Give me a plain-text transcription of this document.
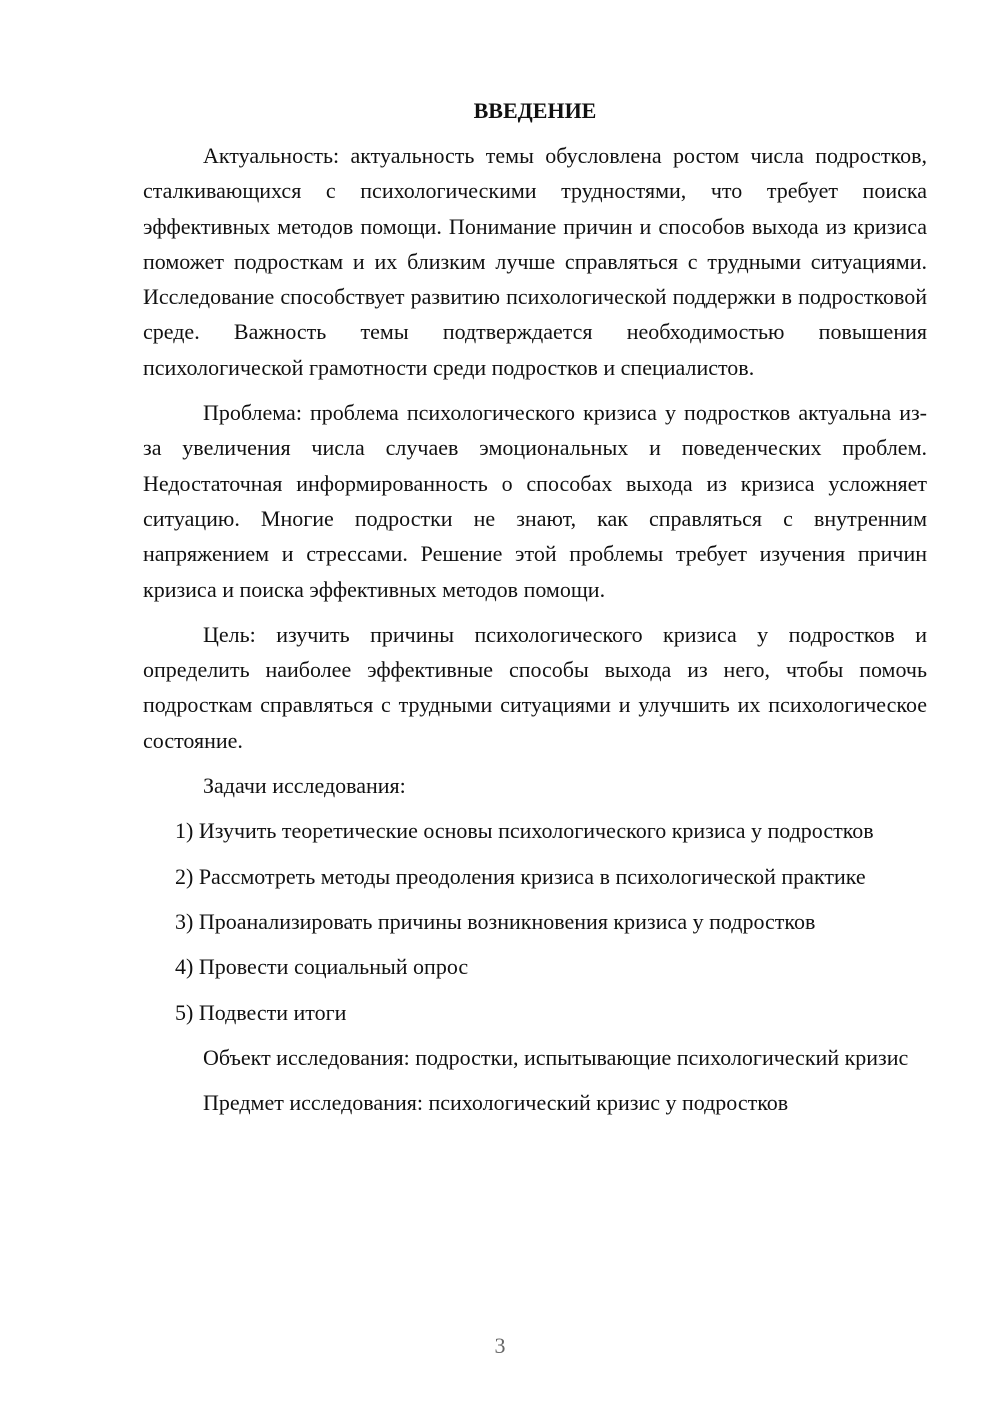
ВВЕДЕНИЕ

Актуальность: актуальность темы обусловлена ростом числа подростков, сталкивающихся с психологическими трудностями, что требует поиска эффективных методов помощи. Понимание причин и способов выхода из кризиса поможет подросткам и их близким лучше справляться с трудными ситуациями. Исследование способствует развитию психологической поддержки в подростковой среде. Важность темы подтверждается необходимостью повышения психологической грамотности среди подростков и специалистов.

Проблема: проблема психологического кризиса у подростков актуальна из-за увеличения числа случаев эмоциональных и поведенческих проблем. Недостаточная информированность о способах выхода из кризиса усложняет ситуацию. Многие подростки не знают, как справляться с внутренним напряжением и стрессами. Решение этой проблемы требует изучения причин кризиса и поиска эффективных методов помощи.

Цель: изучить причины психологического кризиса у подростков и определить наиболее эффективные способы выхода из него, чтобы помочь подросткам справляться с трудными ситуациями и улучшить их психологическое состояние.

Задачи исследования:

1) Изучить теоретические основы психологического кризиса у подростков

2) Рассмотреть методы преодоления кризиса в психологической практике

3) Проанализировать причины возникновения кризиса у подростков

4) Провести социальный опрос

5) Подвести итоги

Объект исследования: подростки, испытывающие психологический кризис

Предмет исследования: психологический кризис у подростков

3
